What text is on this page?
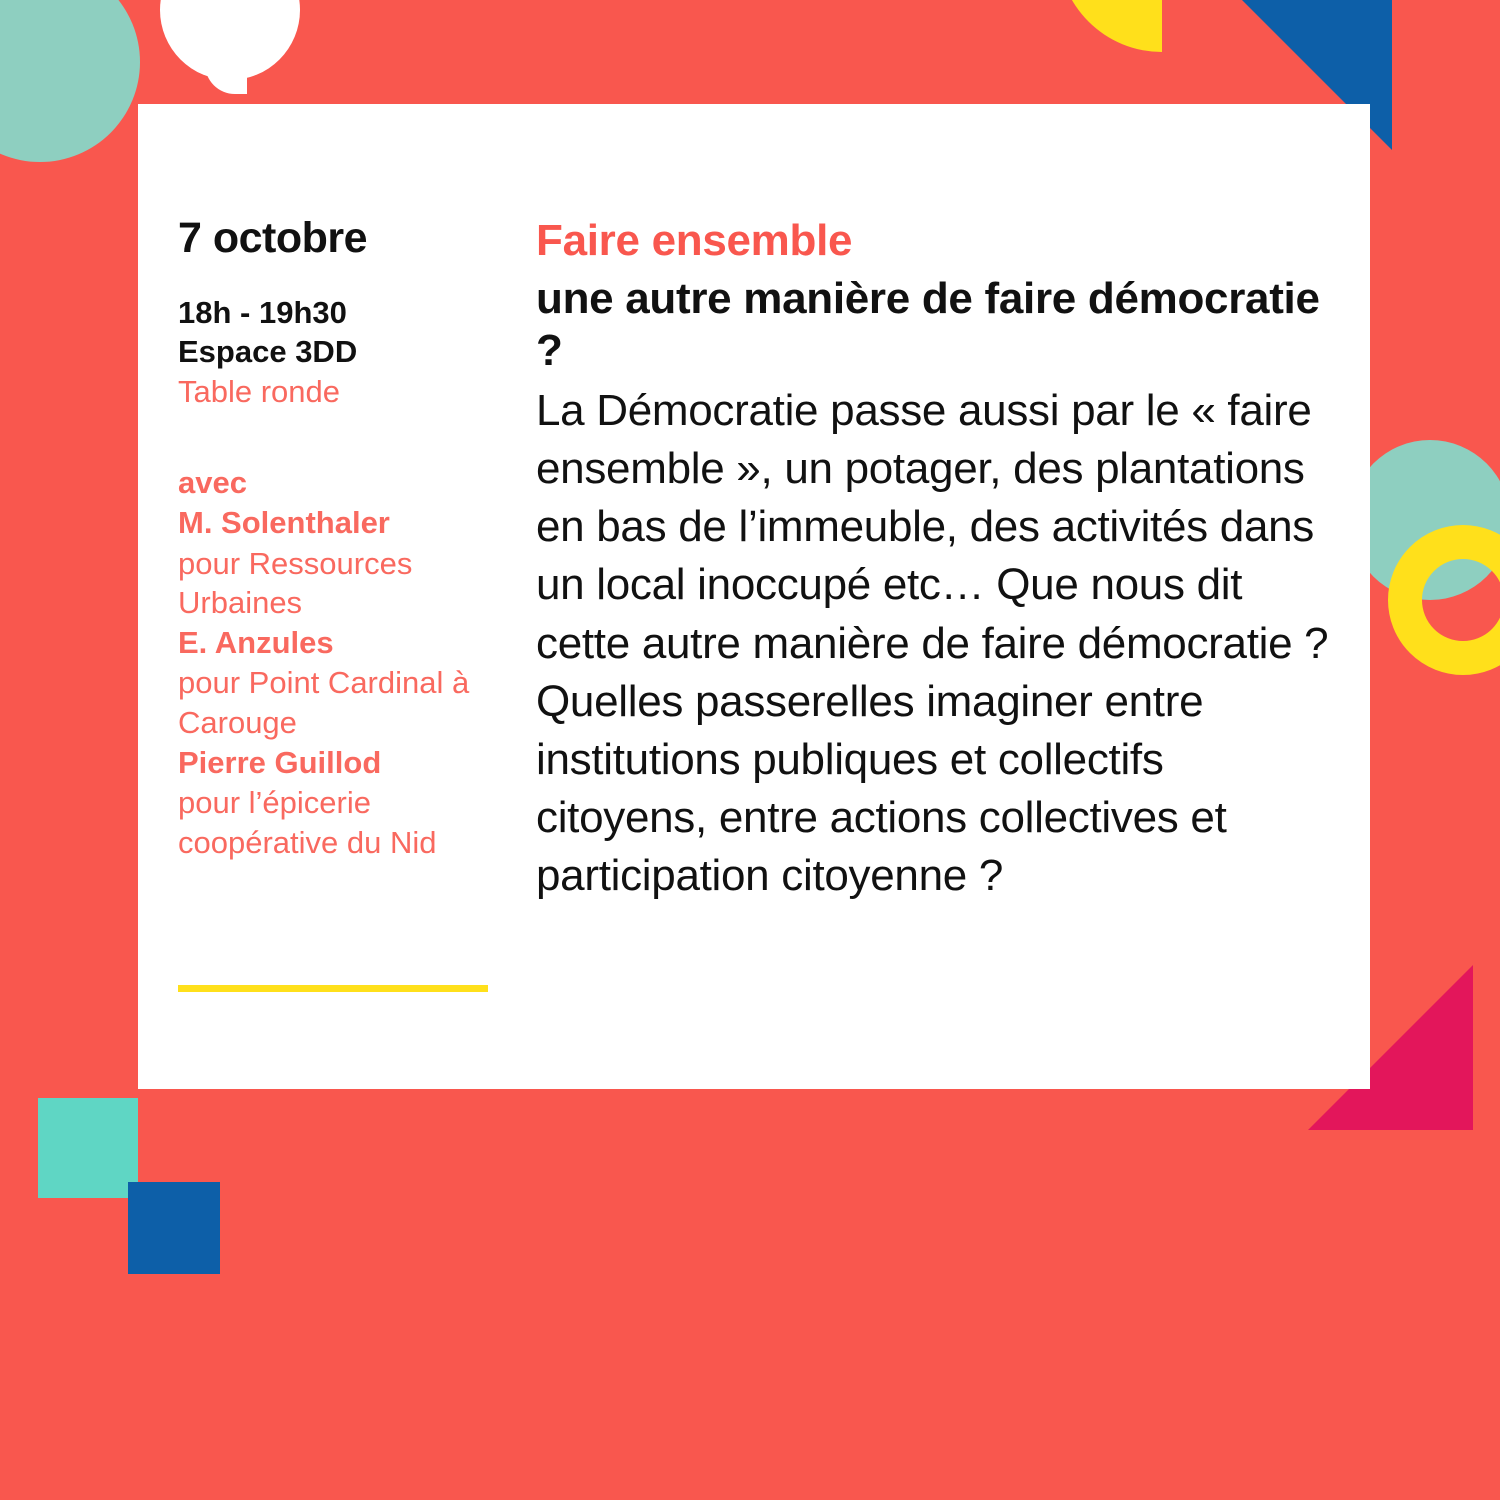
7 octobre
18h - 19h30
Espace 3DD
Table ronde
avec
M. Solenthaler
pour Ressources Urbaines
E. Anzules
pour Point Cardinal à Carouge
Pierre Guillod
pour l’épicerie coopérative du Nid
Faire ensemble
une autre manière de faire démocratie ?

La Démocratie passe aussi par le « faire ensemble », un potager, des plantations en bas de l’immeuble, des activités dans un local inoccupé etc… Que nous dit cette autre manière de faire démocratie ? Quelles passerelles imaginer entre institutions publiques et collectifs citoyens, entre actions collectives et participation citoyenne ?
